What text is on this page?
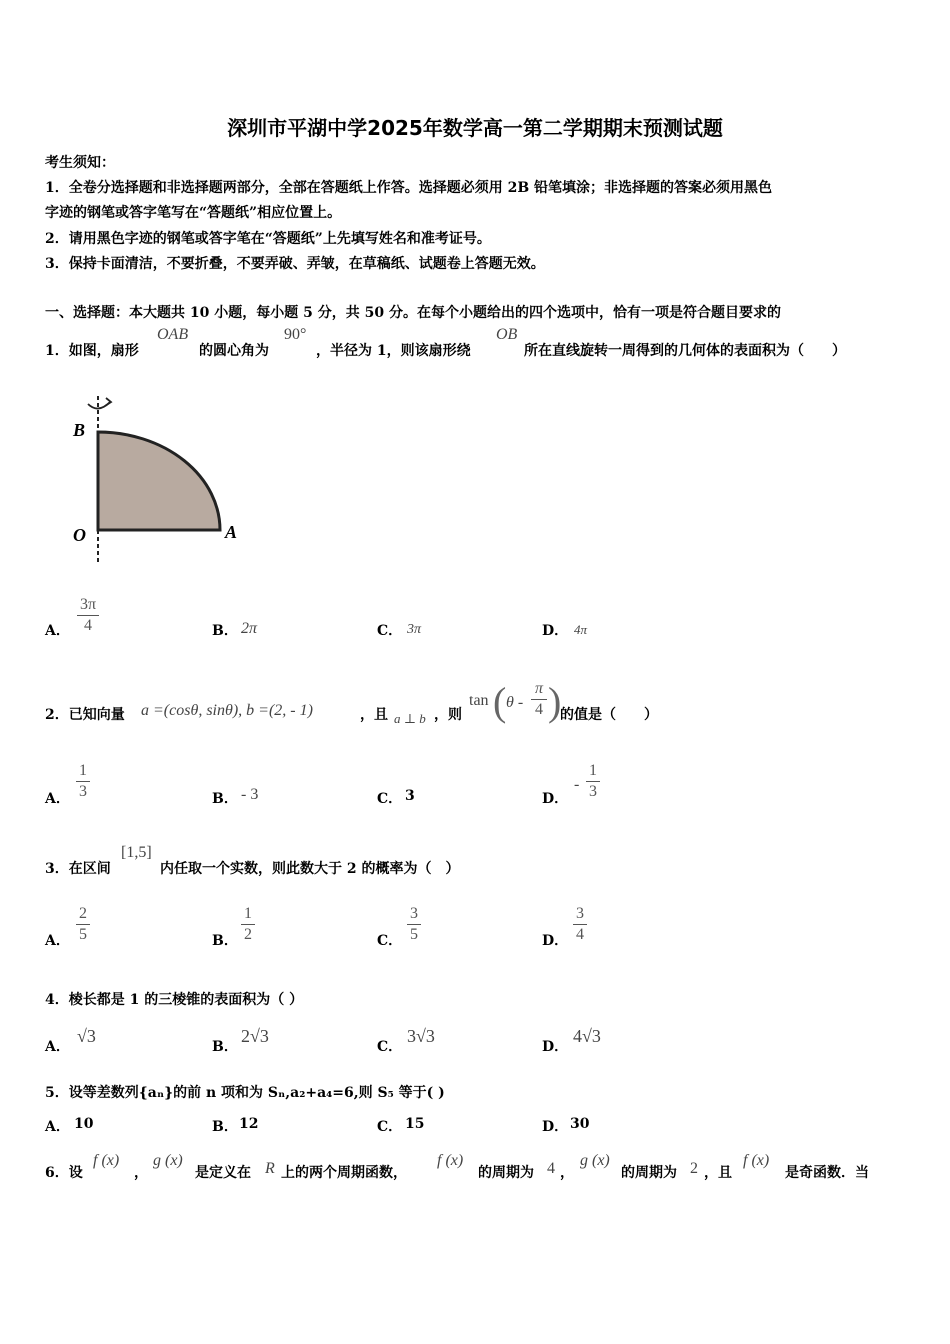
深圳市平湖中学2025年数学高一第二学期期末预测试题
考生须知：
1．全卷分选择题和非选择题两部分，全部在答题纸上作答。选择题必须用 2B 铅笔填涂；非选择题的答案必须用黑色
字迹的钢笔或答字笔写在“答题纸”相应位置上。
2．请用黑色字迹的钢笔或答字笔在“答题纸”上先填写姓名和准考证号。
3．保持卡面清洁，不要折叠，不要弄破、弄皱，在草稿纸、试题卷上答题无效。
一、选择题：本大题共 10 小题，每小题 5 分，共 50 分。在每个小题给出的四个选项中，恰有一项是符合题目要求的
1．如图，扇形
OAB
的圆心角为
90°
，半径为 1，则该扇形绕
OB
所在直线旋转一周得到的几何体的表面积为（　　）
B
O	A
A．
3π
4	B． 2π	C． 3π	D． 4π
2．已知向量 a =(cosθ, sinθ), b =(2, - 1)	，且 a ⊥ b ，则
tan ( θ -
π
4 )
的值是（　　）
A．
1
3	B． - 3	C． 3	D．
-
1
3
3．在区间
[1,5]
内任取一个实数，则此数大于 2 的概率为（　）
A．
2
5	B．
1
2	C．
3
5	D．
3
4
4．棱长都是 1 的三棱锥的表面积为（ ）
A．
√3
B．
2√3
C．
3√3
D．
4√3
5．设等差数列{aₙ}的前 n 项和为 Sₙ,a₂+a₄=6,则 S₅ 等于( )
A． 10	B． 12	C． 15	D． 30
6．设
f (x)
，
g (x)
是定义在 R 上的两个周期函数，
f (x)
的周期为 4 ，
g (x)
的周期为 2 ，且
f (x)
是奇函数．当
